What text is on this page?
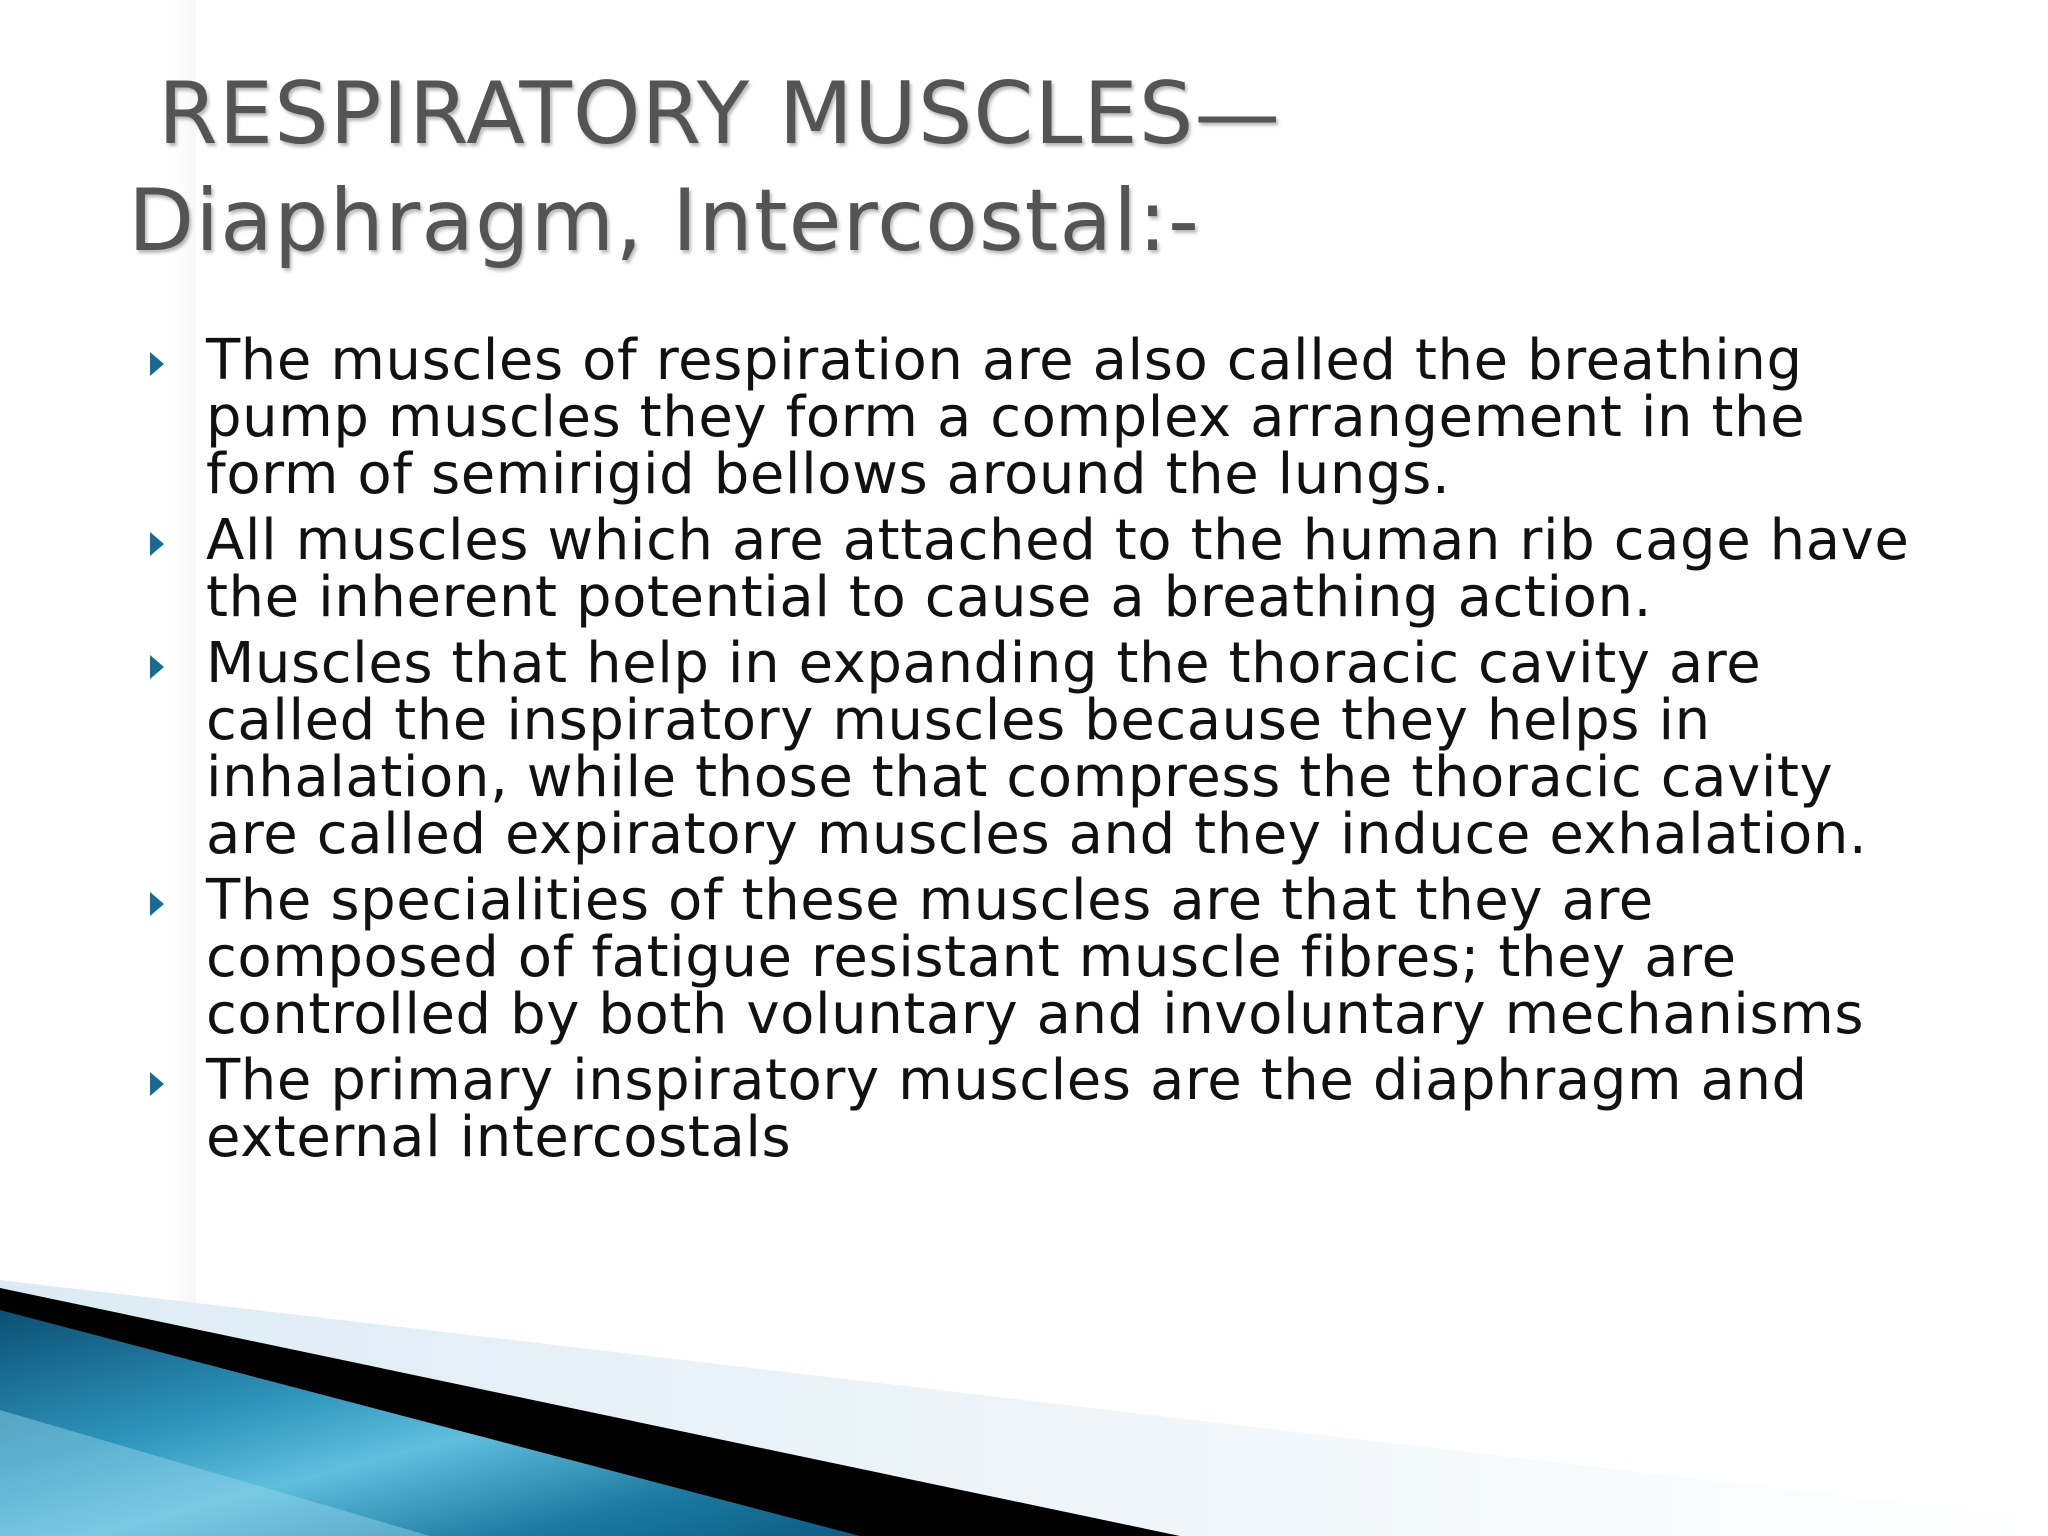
RESPIRATORY MUSCLES—
Diaphragm, Intercostal:-
The muscles of respiration are also called the breathing pump muscles they form a complex arrangement in the form of semirigid bellows around the lungs.
All muscles which are attached to the human rib cage have the inherent potential to cause a breathing action.
Muscles that help in expanding the thoracic cavity are called the inspiratory muscles because they helps in inhalation, while those that compress the thoracic cavity are called expiratory muscles and they induce exhalation.
The specialities of these muscles are that they are composed of fatigue resistant muscle fibres; they are controlled by both voluntary and involuntary mechanisms
The primary inspiratory muscles are the diaphragm and external intercostals
